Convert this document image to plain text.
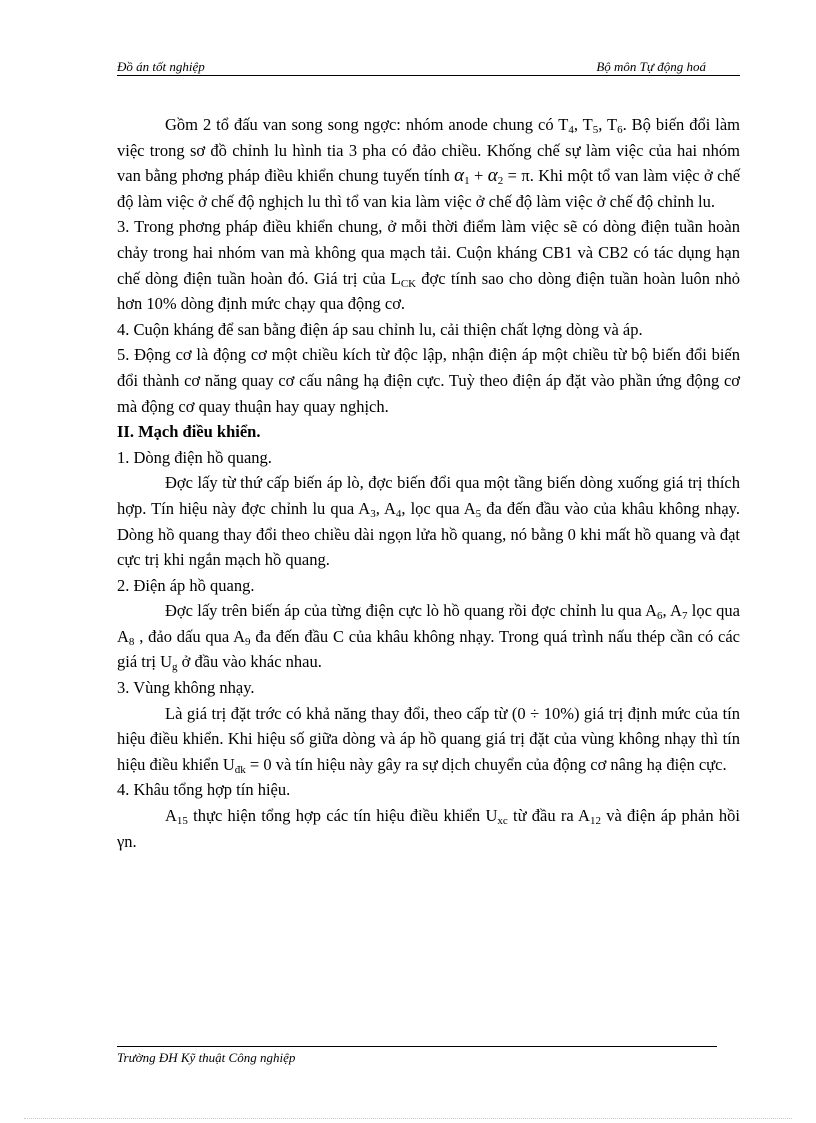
Đồ án tốt nghiệp	Bộ môn Tự động hoá

Gồm 2 tổ đấu van song song ngợc: nhóm anode chung có $T_4$, $T_5$, $T_6$. Bộ biến đổi làm việc trong sơ đồ chỉnh lu hình tia 3 pha có đảo chiều. Khống chế sự làm việc của hai nhóm van bằng phơng pháp điều khiển chung tuyến tính $\alpha_1 + \alpha_2 = \pi$. Khi một tổ van làm việc ở chế độ làm việc ở chế độ nghịch lu thì tổ van kia làm việc ở chế độ làm việc ở chế độ chỉnh lu.

3. Trong phơng pháp điều khiển chung, ở mỗi thời điểm làm việc sẽ có dòng điện tuần hoàn chảy trong hai nhóm van mà không qua mạch tải. Cuộn kháng CB1 và CB2 có tác dụng hạn chế dòng điện tuần hoàn đó. Giá trị của $L_{CK}$ đợc tính sao cho dòng điện tuần hoàn luôn nhỏ hơn 10% dòng định mức chạy qua động cơ.

4. Cuộn kháng để san bằng điện áp sau chỉnh lu, cải thiện chất lợng dòng và áp.

5. Động cơ là động cơ một chiều kích từ độc lập, nhận điện áp một chiều từ bộ biến đổi biến đổi thành cơ năng quay cơ cấu nâng hạ điện cực. Tuỳ theo điện áp đặt vào phần ứng động cơ mà động cơ quay thuận hay quay nghịch.

II. Mạch điều khiển.

1. Dòng điện hồ quang.

Đợc lấy từ thứ cấp biến áp lò, đợc biến đổi qua một tầng biến dòng xuống giá trị thích hợp. Tín hiệu này đợc chỉnh lu qua $A_3$, $A_4$, lọc qua $A_5$ đa đến đầu vào của khâu không nhạy. Dòng hồ quang thay đổi theo chiều dài ngọn lửa hồ quang, nó bằng 0 khi mất hồ quang và đạt cực trị khi ngắn mạch hồ quang.

2. Điện áp hồ quang.

Đợc lấy trên biến áp của từng điện cực lò hồ quang rồi đợc chỉnh lu qua $A_6$, $A_7$ lọc qua $A_8$ , đảo dấu qua $A_9$ đa đến đầu C của khâu không nhạy. Trong quá trình nấu thép cần có các giá trị $U_g$ ở đầu vào khác nhau.

3. Vùng không nhạy.

Là giá trị đặt trớc có khả năng thay đổi, theo cấp từ (0 ÷ 10%) giá trị định mức của tín hiệu điều khiển. Khi hiệu số giữa dòng và áp hồ quang giá trị đặt của vùng không nhạy thì tín hiệu điều khiển $U_{đk} = 0$ và tín hiệu này gây ra sự dịch chuyển của động cơ nâng hạ điện cực.

4. Khâu tổng hợp tín hiệu.

$A_{15}$ thực hiện tổng hợp các tín hiệu điều khiển $U_{xc}$ từ đầu ra $A_{12}$ và điện áp phản hồi γn.

Trường ĐH Kỹ thuật Công nghiệp
